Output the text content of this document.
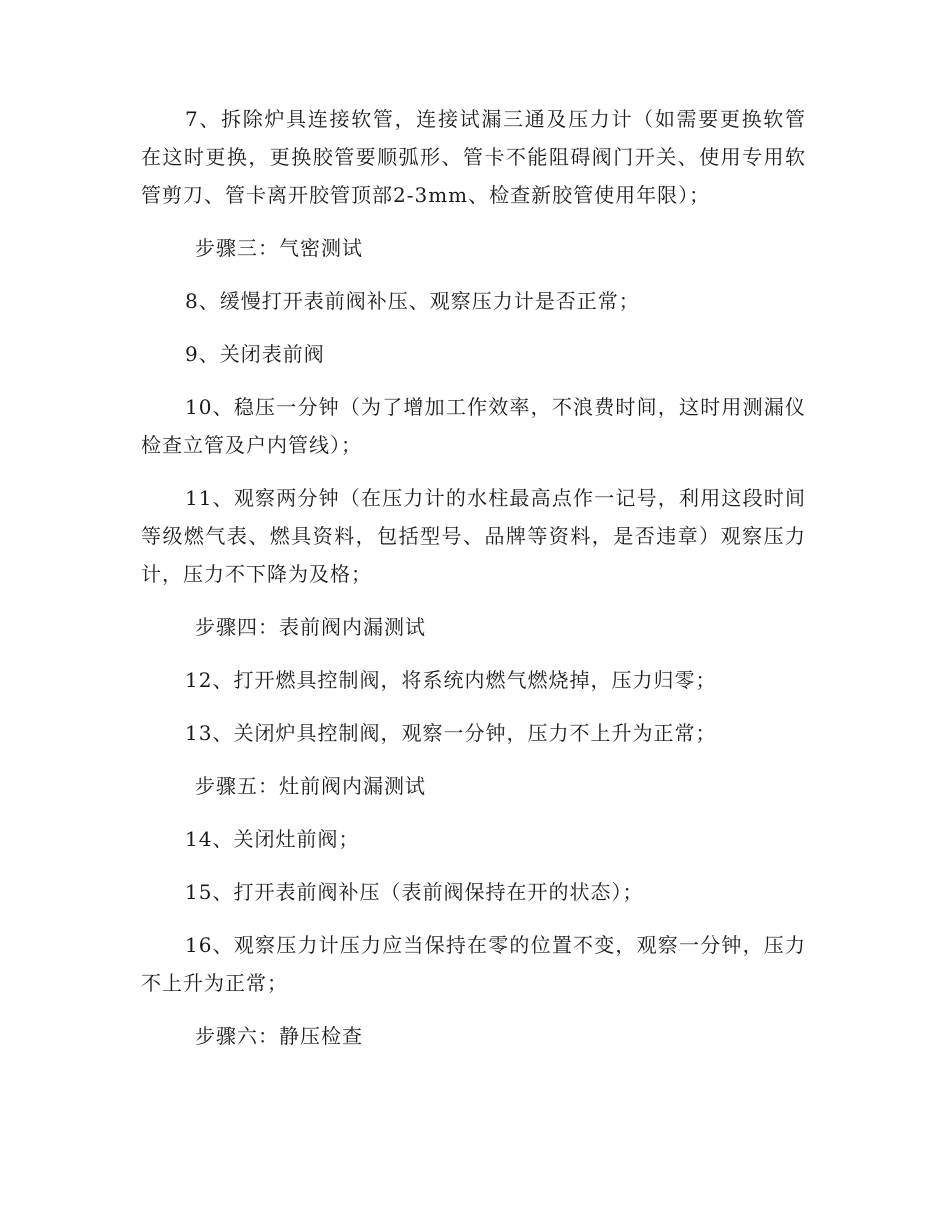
7、拆除炉具连接软管，连接试漏三通及压力计（如需要更换软管在这时更换，更换胶管要顺弧形、管卡不能阻碍阀门开关、使用专用软管剪刀、管卡离开胶管顶部2-3mm、检查新胶管使用年限）；

步骤三：气密测试

8、缓慢打开表前阀补压、观察压力计是否正常；

9、关闭表前阀

10、稳压一分钟（为了增加工作效率，不浪费时间，这时用测漏仪检查立管及户内管线）；

11、观察两分钟（在压力计的水柱最高点作一记号，利用这段时间等级燃气表、燃具资料，包括型号、品牌等资料，是否违章）观察压力计，压力不下降为及格；

步骤四：表前阀内漏测试

12、打开燃具控制阀，将系统内燃气燃烧掉，压力归零；

13、关闭炉具控制阀，观察一分钟，压力不上升为正常；

步骤五：灶前阀内漏测试

14、关闭灶前阀；

15、打开表前阀补压（表前阀保持在开的状态）；

16、观察压力计压力应当保持在零的位置不变，观察一分钟，压力不上升为正常；

步骤六：静压检查
